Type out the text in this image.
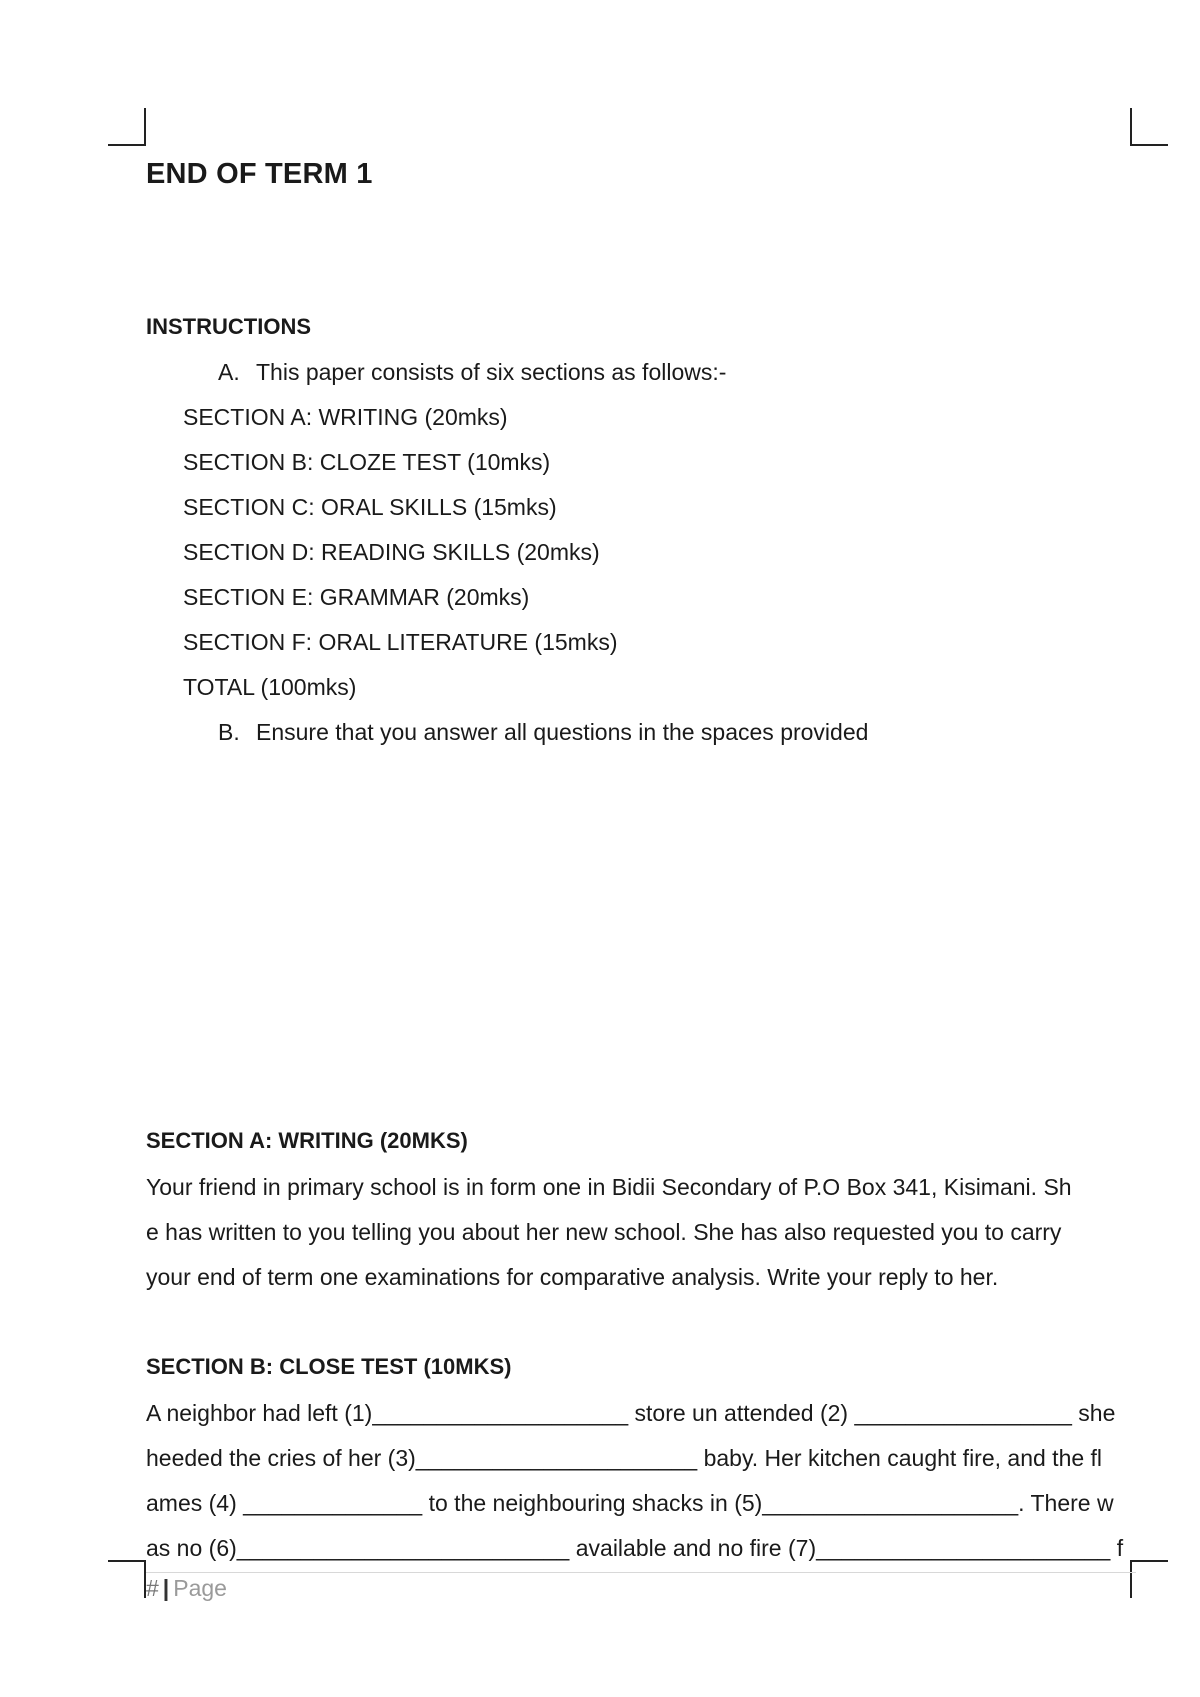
END OF TERM 1
INSTRUCTIONS
A. This paper consists of six sections as follows:-
SECTION A: WRITING (20mks)
SECTION B: CLOZE TEST (10mks)
SECTION C: ORAL SKILLS (15mks)
SECTION D: READING SKILLS (20mks)
SECTION E: GRAMMAR (20mks)
SECTION F: ORAL LITERATURE (15mks)
TOTAL (100mks)
B. Ensure that you answer all questions in the spaces provided
SECTION A: WRITING (20MKS)
Your friend in primary school is in form one in Bidii Secondary of P.O Box 341, Kisimani. Sh
e has written to you telling you about her new school. She has also requested you to carry
your end of term one examinations for comparative analysis. Write your reply to her.
SECTION B: CLOSE TEST (10MKS)
A neighbor had left (1)____________________ store un attended (2) _________________ she
heeded the cries of her (3)______________________ baby. Her kitchen caught fire, and the fl
ames (4) ______________ to the neighbouring shacks in (5)____________________. There w
as no (6)__________________________ available and no fire (7)_______________________ f
# | Page
